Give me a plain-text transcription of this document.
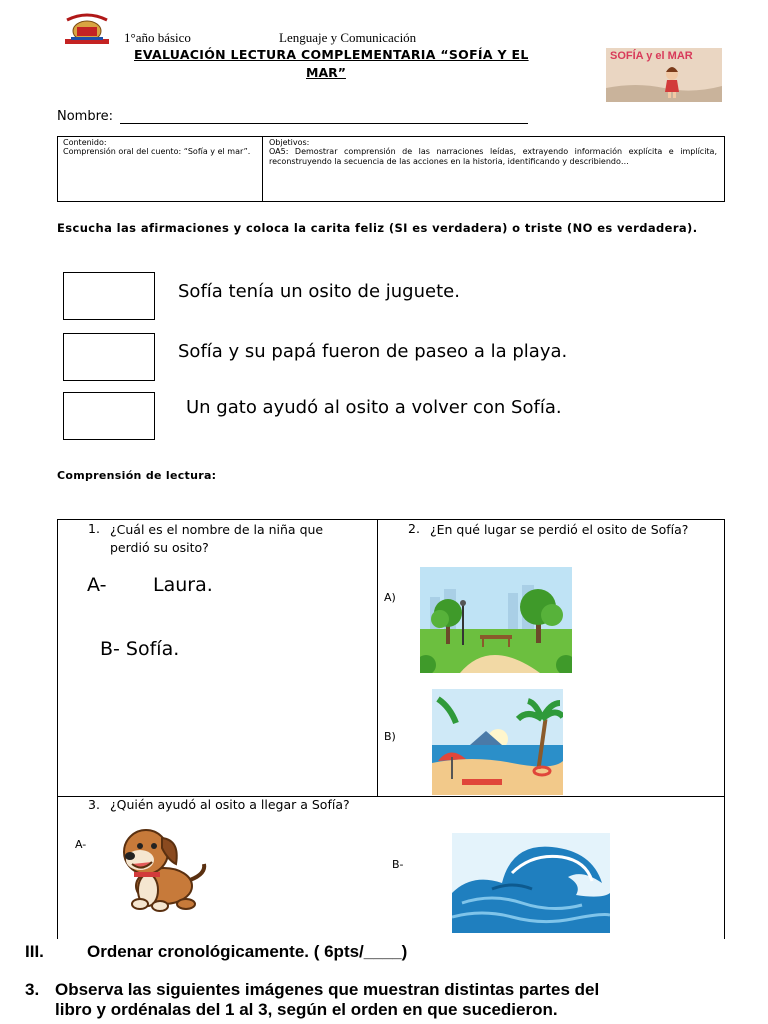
1°año básico	Lenguaje y Comunicación
EVALUACIÓN LECTURA COMPLEMENTARIA “SOFÍA Y EL
MAR”
SOFÍA y el MAR
Nombre:
Contenido:
Comprensión oral del cuento: “Sofía y el mar”.
Objetivos:
OA5: Demostrar comprensión de las narraciones leídas, extrayendo información explícita e implícita, reconstruyendo la secuencia de las acciones en la historia, identificando y describiendo…
Escucha las afirmaciones y coloca la carita feliz (SI es verdadera) o triste (NO es verdadera).
Sofía tenía un osito de juguete.
Sofía y su papá fueron de paseo a la playa.
Un gato ayudó al osito a volver con Sofía.
Comprensión de lectura:
1. ¿Cuál es el nombre de la niña que perdió su osito?
A- Laura.
B- Sofía.
2. ¿En qué lugar se perdió el osito de Sofía?
A)
B)
3. ¿Quién ayudó al osito a llegar a Sofía?
A-
B-
III.	Ordenar cronológicamente. ( 6pts/____)
3. Observa las siguientes imágenes que muestran distintas partes del
libro y ordénalas del 1 al 3, según el orden en que sucedieron.
